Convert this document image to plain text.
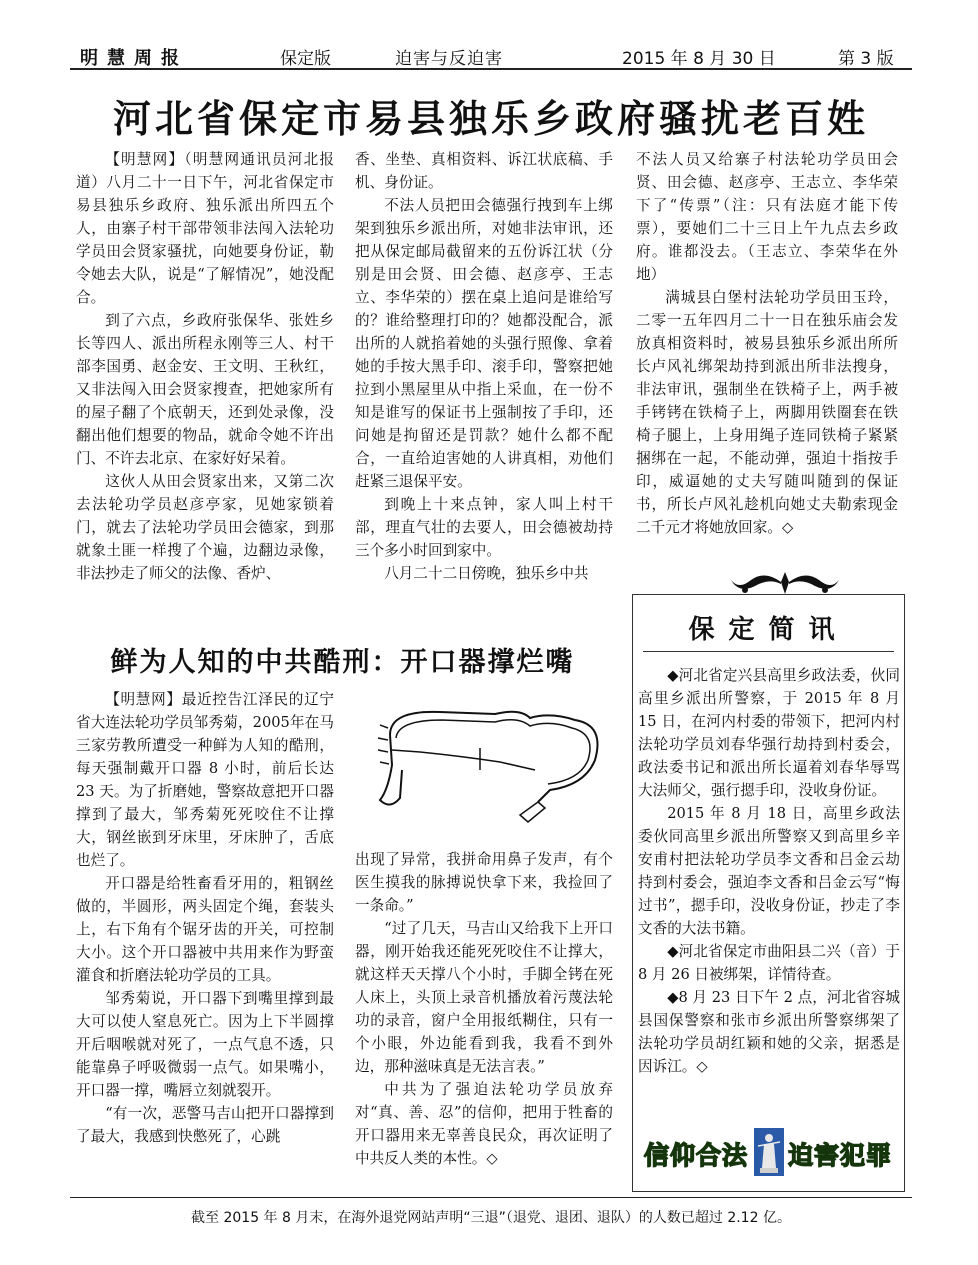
明慧周报	保定版	迫害与反迫害	2015 年 8 月 30 日	第 3 版
河北省保定市易县独乐乡政府骚扰老百姓

【明慧网】（明慧网通讯员河北报道）八月二十一日下午，河北省保定市易县独乐乡政府、独乐派出所四五个人，由寨子村干部带领非法闯入法轮功学员田会贤家骚扰，向她要身份证，勒令她去大队，说是“了解情况”，她没配合。

到了六点，乡政府张保华、张姓乡长等四人、派出所程永刚等三人、村干部李国勇、赵金安、王文明、王秋红，又非法闯入田会贤家搜查，把她家所有的屋子翻了个底朝天，还到处录像，没翻出他们想要的物品，就命令她不许出门、不许去北京、在家好好呆着。

这伙人从田会贤家出来，又第二次去法轮功学员赵彦亭家，见她家锁着门，就去了法轮功学员田会德家，到那就象土匪一样搜了个遍，边翻边录像，非法抄走了师父的法像、香炉、

香、坐垫、真相资料、诉江状底稿、手机、身份证。

不法人员把田会德强行拽到车上绑架到独乐乡派出所，对她非法审讯，还把从保定邮局截留来的五份诉江状（分别是田会贤、田会德、赵彦亭、王志立、李华荣的）摆在桌上追问是谁给写的？谁给整理打印的？她都没配合，派出所的人就掐着她的头强行照像、拿着她的手按大黑手印、滚手印，警察把她拉到小黑屋里从中指上采血，在一份不知是谁写的保证书上强制按了手印，还问她是拘留还是罚款？她什么都不配合，一直给迫害她的人讲真相，劝他们赶紧三退保平安。

到晚上十来点钟，家人叫上村干部，理直气壮的去要人，田会德被劫持三个多小时回到家中。

八月二十二日傍晚，独乐乡中共

不法人员又给寨子村法轮功学员田会贤、田会德、赵彦亭、王志立、李华荣下了“传票”（注：只有法庭才能下传票），要她们二十三日上午九点去乡政府。谁都没去。（王志立、李荣华在外地）

满城县白堡村法轮功学员田玉玲，二零一五年四月二十一日在独乐庙会发放真相资料时，被易县独乐乡派出所所长卢风礼绑架劫持到派出所非法搜身，非法审讯，强制坐在铁椅子上，两手被手铐铐在铁椅子上，两脚用铁圈套在铁椅子腿上，上身用绳子连同铁椅子紧紧捆绑在一起，不能动弹，强迫十指按手印，威逼她的丈夫写随叫随到的保证书，所长卢风礼趁机向她丈夫勒索现金二千元才将她放回家。◇

鲜为人知的中共酷刑：开口器撑烂嘴

【明慧网】最近控告江泽民的辽宁省大连法轮功学员邹秀菊，2005年在马三家劳教所遭受一种鲜为人知的酷刑，每天强制戴开口器 8 小时，前后长达 23 天。为了折磨她，警察故意把开口器撑到了最大，邹秀菊死死咬住不让撑大，钢丝嵌到牙床里，牙床肿了，舌底也烂了。

开口器是给牲畜看牙用的，粗钢丝做的，半圆形，两头固定个绳，套装头上，右下角有个锯牙齿的开关，可控制大小。这个开口器被中共用来作为野蛮灌食和折磨法轮功学员的工具。

邹秀菊说，开口器下到嘴里撑到最大可以使人窒息死亡。因为上下半圆撑开后咽喉就对死了，一点气息不透，只能靠鼻子呼吸微弱一点气。如果嘴小，开口器一撑，嘴唇立刻就裂开。

“有一次，恶警马吉山把开口器撑到了最大，我感到快憋死了，心跳

出现了异常，我拼命用鼻子发声，有个医生摸我的脉搏说快拿下来，我捡回了一条命。”

“过了几天，马吉山又给我下上开口器，刚开始我还能死死咬住不让撑大，就这样天天撑八个小时，手脚全铐在死人床上，头顶上录音机播放着污蔑法轮功的录音，窗户全用报纸糊住，只有一个小眼，外边能看到我，我看不到外边，那种滋味真是无法言表。”

中共为了强迫法轮功学员放弃对“真、善、忍”的信仰，把用于牲畜的开口器用来无辜善良民众，再次证明了中共反人类的本性。◇

保定简讯

◆河北省定兴县高里乡政法委，伙同高里乡派出所警察，于 2015 年 8 月 15 日，在河内村委的带领下，把河内村法轮功学员刘春华强行劫持到村委会，政法委书记和派出所长逼着刘春华辱骂大法师父，强行摁手印，没收身份证。

2015 年 8 月 18 日，高里乡政法委伙同高里乡派出所警察又到高里乡辛安甫村把法轮功学员李文香和吕金云劫持到村委会，强迫李文香和吕金云写“悔过书”，摁手印，没收身份证，抄走了李文香的大法书籍。

◆河北省保定市曲阳县二兴（音）于 8 月 26 日被绑架，详情待查。

◆8 月 23 日下午 2 点，河北省容城县国保警察和张市乡派出所警察绑架了法轮功学员胡红颖和她的父亲，据悉是因诉江。◇

信仰合法 迫害犯罪
截至 2015 年 8 月末，在海外退党网站声明“三退”（退党、退团、退队）的人数已超过 2.12 亿。
